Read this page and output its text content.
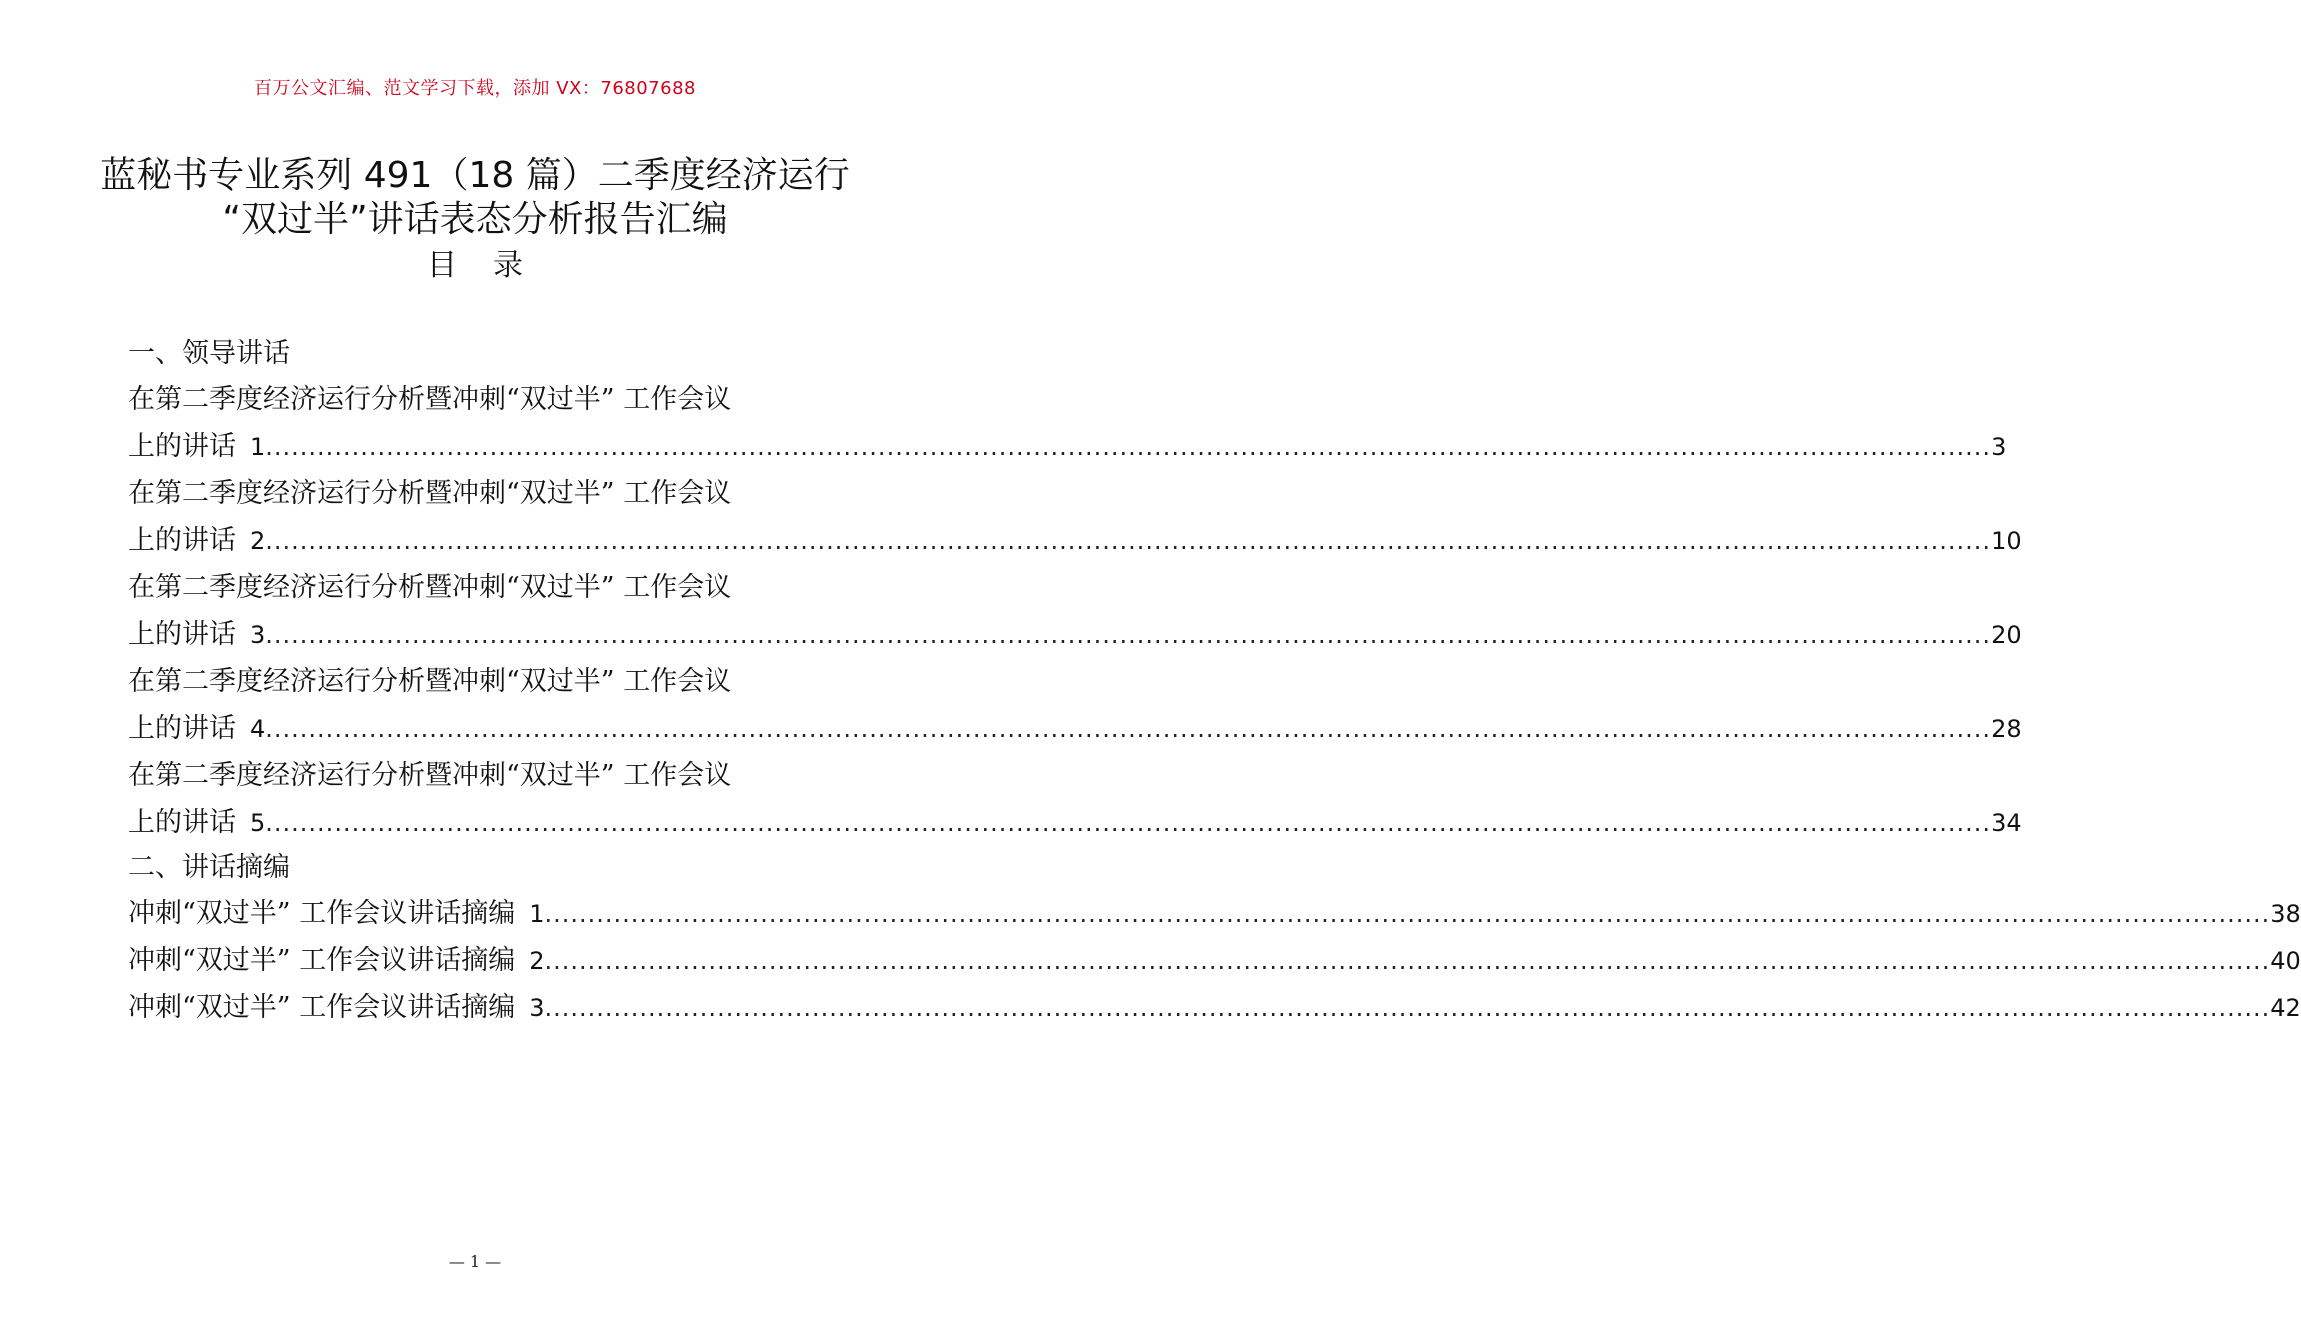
百万公文汇编、范文学习下载，添加 VX：76807688
蓝秘书专业系列 491（18 篇）二季度经济运行
“双过半”讲话表态分析报告汇编
目 录
一、领导讲话
在第二季度经济运行分析暨冲刺“双过半” 工作会议
上的讲话 1 ........................................................................................................................................................................................................ 3
在第二季度经济运行分析暨冲刺“双过半” 工作会议
上的讲话 2 ........................................................................................................................................................................................................ 10
在第二季度经济运行分析暨冲刺“双过半” 工作会议
上的讲话 3 ........................................................................................................................................................................................................ 20
在第二季度经济运行分析暨冲刺“双过半” 工作会议
上的讲话 4 ........................................................................................................................................................................................................ 28
在第二季度经济运行分析暨冲刺“双过半” 工作会议
上的讲话 5 ........................................................................................................................................................................................................ 34
二、讲话摘编
冲刺“双过半” 工作会议讲话摘编 1 ........................................................................................................................................................................................................ 38
冲刺“双过半” 工作会议讲话摘编 2 ........................................................................................................................................................................................................ 40
冲刺“双过半” 工作会议讲话摘编 3 ........................................................................................................................................................................................................ 42
— 1 —
